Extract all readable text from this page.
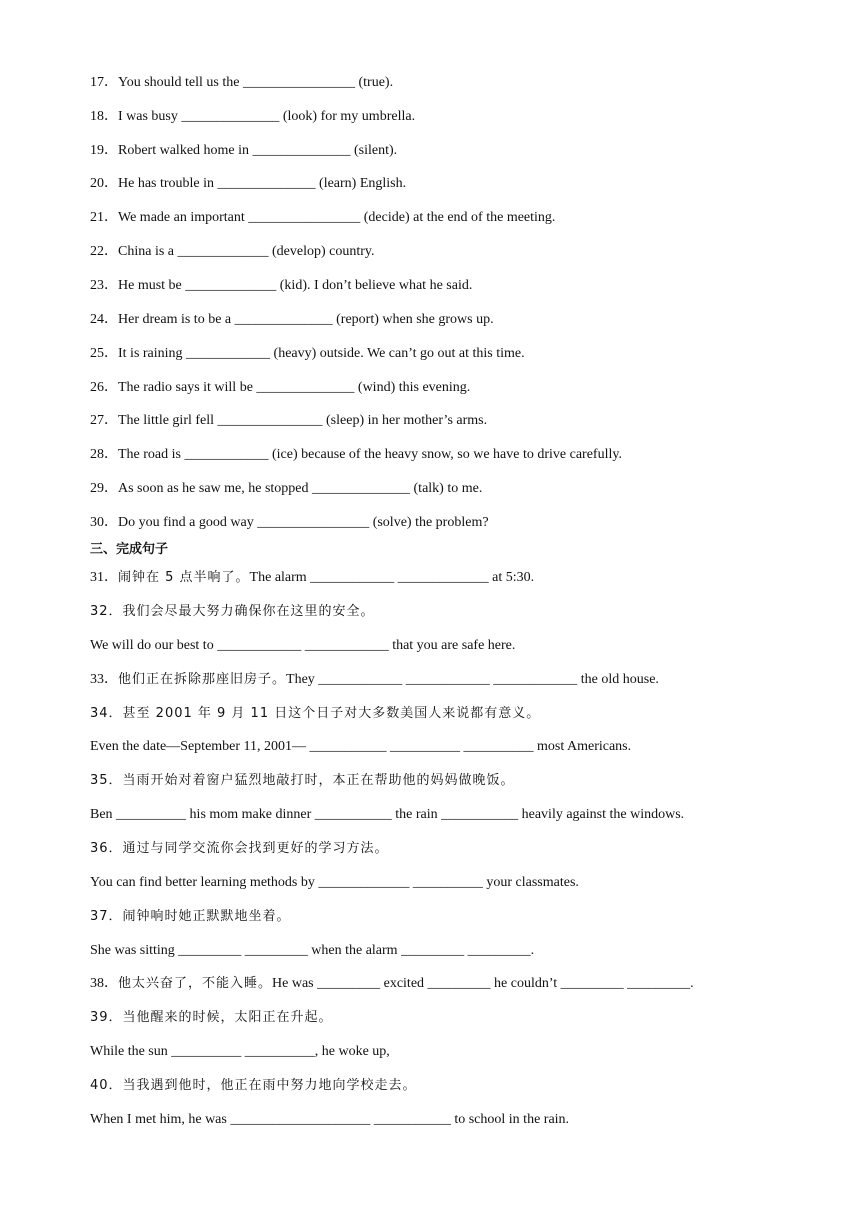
17．You should tell us the ________________ (true).
18．I was busy ______________ (look) for my umbrella.
19．Robert walked home in ______________ (silent).
20．He has trouble in ______________ (learn) English.
21．We made an important ________________ (decide) at the end of the meeting.
22．China is a _____________ (develop) country.
23．He must be _____________ (kid). I don’t believe what he said.
24．Her dream is to be a ______________ (report) when she grows up.
25．It is raining ____________ (heavy) outside. We can’t go out at this time.
26．The radio says it will be ______________ (wind) this evening.
27．The little girl fell _______________ (sleep) in her mother’s arms.
28．The road is ____________ (ice) because of the heavy snow, so we have to drive carefully.
29．As soon as he saw me, he stopped ______________ (talk) to me.
30．Do you find a good way ________________ (solve) the problem?
三、完成句子
31．闹钟在 5 点半响了。The alarm ____________ _____________ at 5:30.
32．我们会尽最大努力确保你在这里的安全。
We will do our best to ____________ ____________ that you are safe here.
33．他们正在拆除那座旧房子。They ____________ ____________ ____________ the old house.
34．甚至 2001 年 9 月 11 日这个日子对大多数美国人来说都有意义。
Even the date—September 11, 2001— ___________ __________ __________ most Americans.
35．当雨开始对着窗户猛烈地敲打时，本正在帮助他的妈妈做晚饭。
Ben __________ his mom make dinner ___________ the rain ___________ heavily against the windows.
36．通过与同学交流你会找到更好的学习方法。
You can find better learning methods by _____________ __________ your classmates.
37．闹钟响时她正默默地坐着。
She was sitting _________ _________ when the alarm _________ _________.
38．他太兴奋了，不能入睡。He was _________ excited _________ he couldn’t _________ _________.
39．当他醒来的时候，太阳正在升起。
While the sun __________ __________, he woke up,
40．当我遇到他时，他正在雨中努力地向学校走去。
When I met him, he was ____________________ ___________ to school in the rain.
